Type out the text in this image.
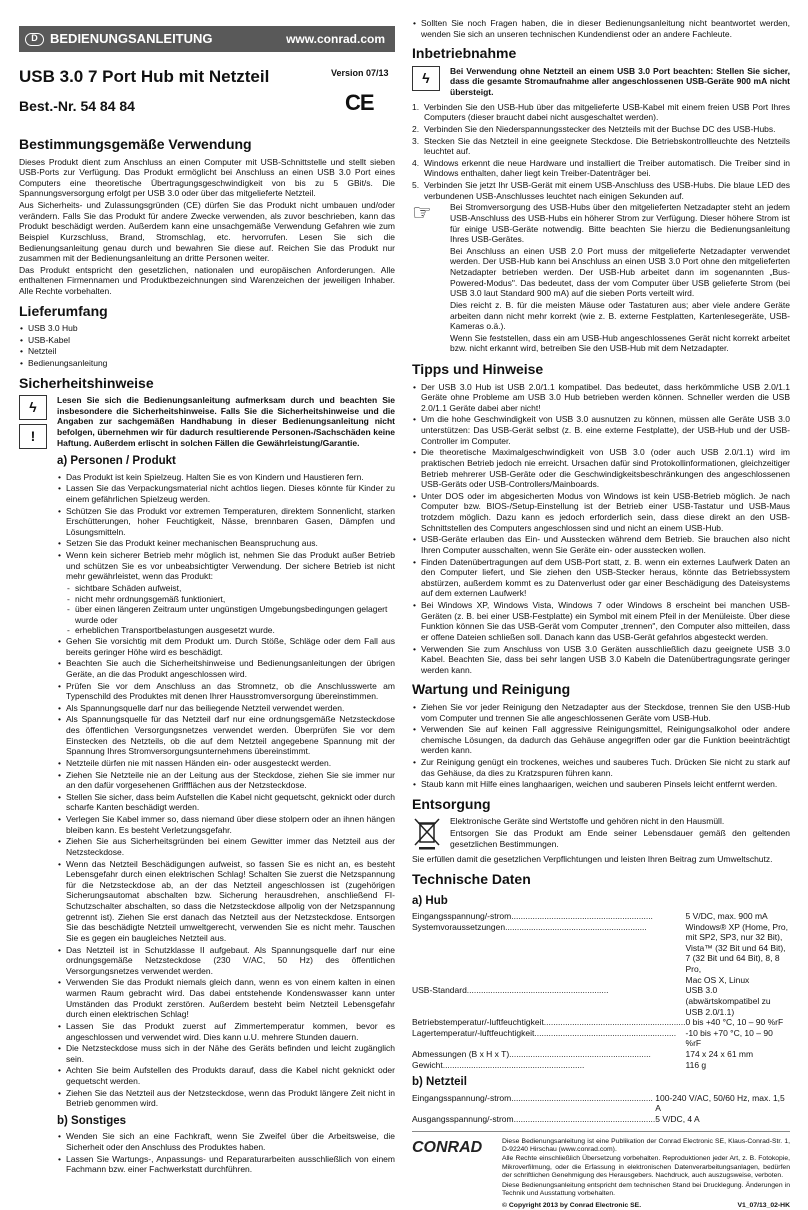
D BEDIENUNGSANLEITUNG	www.conrad.com
USB 3.0 7 Port Hub mit Netzteil	Version 07/13
Best.-Nr. 54 84 84	CE
Bestimmungsgemäße Verwendung

Dieses Produkt dient zum Anschluss an einen Computer mit USB-Schnittstelle und stellt sieben USB-Ports zur Verfügung. Das Produkt ermöglicht bei Anschluss an einen USB 3.0 Port eines Computers eine theoretische Übertragungsgeschwindigkeit von bis zu 5 GBit/s. Die Spannungsversorgung erfolgt per USB 3.0 oder über das mitgelieferte Netzteil.

Aus Sicherheits- und Zulassungsgründen (CE) dürfen Sie das Produkt nicht umbauen und/oder verändern. Falls Sie das Produkt für andere Zwecke verwenden, als zuvor beschrieben, kann das Produkt beschädigt werden. Außerdem kann eine unsachgemäße Verwendung Gefahren wie zum Beispiel Kurzschluss, Brand, Stromschlag, etc. hervorrufen. Lesen Sie sich die Bedienungsanleitung genau durch und bewahren Sie diese auf. Reichen Sie das Produkt nur zusammen mit der Bedienungsanleitung an dritte Personen weiter.

Das Produkt entspricht den gesetzlichen, nationalen und europäischen Anforderungen. Alle enthaltenen Firmennamen und Produktbezeichnungen sind Warenzeichen der jeweiligen Inhaber. Alle Rechte vorbehalten.

Lieferumfang
• USB 3.0 Hub
• USB-Kabel
• Netzteil
• Bedienungsanleitung
Sicherheitshinweise
ϟ
!

Lesen Sie sich die Bedienungsanleitung aufmerksam durch und beachten Sie insbesondere die Sicherheitshinweise. Falls Sie die Sicherheitshinweise und die Angaben zur sachgemäßen Handhabung in dieser Bedienungsanleitung nicht befolgen, übernehmen wir für dadurch resultierende Personen-/Sachschäden keine Haftung. Außerdem erlischt in solchen Fällen die Gewährleistung/Garantie.

a) Personen / Produkt
• Das Produkt ist kein Spielzeug. Halten Sie es von Kindern und Haustieren fern.
• Lassen Sie das Verpackungsmaterial nicht achtlos liegen. Dieses könnte für Kinder zu einem gefährlichen Spielzeug werden.
• Schützen Sie das Produkt vor extremen Temperaturen, direktem Sonnenlicht, starken Erschütterungen, hoher Feuchtigkeit, Nässe, brennbaren Gasen, Dämpfen und Lösungsmitteln.
• Setzen Sie das Produkt keiner mechanischen Beanspruchung aus.
• Wenn kein sicherer Betrieb mehr möglich ist, nehmen Sie das Produkt außer Betrieb und schützen Sie es vor unbeabsichtigter Verwendung. Der sichere Betrieb ist nicht mehr gewährleistet, wenn das Produkt:
- sichtbare Schäden aufweist,
- nicht mehr ordnungsgemäß funktioniert,
- über einen längeren Zeitraum unter ungünstigen Umgebungsbedingungen gelagert wurde oder
- erheblichen Transportbelastungen ausgesetzt wurde.
• Gehen Sie vorsichtig mit dem Produkt um. Durch Stöße, Schläge oder dem Fall aus bereits geringer Höhe wird es beschädigt.
• Beachten Sie auch die Sicherheitshinweise und Bedienungsanleitungen der übrigen Geräte, an die das Produkt angeschlossen wird.
• Prüfen Sie vor dem Anschluss an das Stromnetz, ob die Anschlusswerte am Typenschild des Produktes mit denen Ihrer Hausstromversorgung übereinstimmen.
• Als Spannungsquelle darf nur das beiliegende Netzteil verwendet werden.
• Als Spannungsquelle für das Netzteil darf nur eine ordnungsgemäße Netzsteckdose des öffentlichen Versorgungsnetzes verwendet werden. Überprüfen Sie vor dem Einstecken des Netzteils, ob die auf dem Netzteil angegebene Spannung mit der Spannung Ihres Stromversorgungsunternehmens übereinstimmt.
• Netzteile dürfen nie mit nassen Händen ein- oder ausgesteckt werden.
• Ziehen Sie Netzteile nie an der Leitung aus der Steckdose, ziehen Sie sie immer nur an den dafür vorgesehenen Griffflächen aus der Netzsteckdose.
• Stellen Sie sicher, dass beim Aufstellen die Kabel nicht gequetscht, geknickt oder durch scharfe Kanten beschädigt werden.
• Verlegen Sie Kabel immer so, dass niemand über diese stolpern oder an ihnen hängen bleiben kann. Es besteht Verletzungsgefahr.
• Ziehen Sie aus Sicherheitsgründen bei einem Gewitter immer das Netzteil aus der Netzsteckdose.
• Wenn das Netzteil Beschädigungen aufweist, so fassen Sie es nicht an, es besteht Lebensgefahr durch einen elektrischen Schlag! Schalten Sie zuerst die Netzspannung für die Netzsteckdose ab, an der das Netzteil angeschlossen ist (zugehörigen Sicherungsautomat abschalten bzw. Sicherung herausdrehen, anschließend FI-Schutzschalter abschalten, so dass die Netzsteckdose allpolig von der Netzspannung getrennt ist). Ziehen Sie erst danach das Netzteil aus der Netzsteckdose. Entsorgen Sie das beschädigte Netzteil umweltgerecht, verwenden Sie es nicht mehr. Tauschen Sie es gegen ein baugleiches Netzteil aus.
• Das Netzteil ist in Schutzklasse II aufgebaut. Als Spannungsquelle darf nur eine ordnungsgemäße Netzsteckdose (230 V/AC, 50 Hz) des öffentlichen Versorgungsnetzes verwendet werden.
• Verwenden Sie das Produkt niemals gleich dann, wenn es von einem kalten in einen warmen Raum gebracht wird. Das dabei entstehende Kondenswasser kann unter Umständen das Produkt zerstören. Außerdem besteht beim Netzteil Lebensgefahr durch einen elektrischen Schlag!
• Lassen Sie das Produkt zuerst auf Zimmertemperatur kommen, bevor es angeschlossen und verwendet wird. Dies kann u.U. mehrere Stunden dauern.
• Die Netzsteckdose muss sich in der Nähe des Geräts befinden und leicht zugänglich sein.
• Achten Sie beim Aufstellen des Produkts darauf, dass die Kabel nicht geknickt oder gequetscht werden.
• Ziehen Sie das Netzteil aus der Netzsteckdose, wenn das Produkt längere Zeit nicht in Betrieb genommen wird.
b) Sonstiges
• Wenden Sie sich an eine Fachkraft, wenn Sie Zweifel über die Arbeitsweise, die Sicherheit oder den Anschluss des Produktes haben.
• Lassen Sie Wartungs-, Anpassungs- und Reparaturarbeiten ausschließlich von einem Fachmann bzw. einer Fachwerkstatt durchführen.
• Sollten Sie noch Fragen haben, die in dieser Bedienungsanleitung nicht beantwortet werden, wenden Sie sich an unseren technischen Kundendienst oder an andere Fachleute.
Inbetriebnahme
ϟ	Bei Verwendung ohne Netzteil an einem USB 3.0 Port beachten: Stellen Sie sicher, dass die gesamte Stromaufnahme aller angeschlossenen USB-Geräte 900 mA nicht übersteigt.

1. Verbinden Sie den USB-Hub über das mitgelieferte USB-Kabel mit einem freien USB Port Ihres Computers (dieser braucht dabei nicht ausgeschaltet werden).
2. Verbinden Sie den Niederspannungsstecker des Netzteils mit der Buchse DC des USB-Hubs.
3. Stecken Sie das Netzteil in eine geeignete Steckdose. Die Betriebskontrollleuchte des Netzteils leuchtet auf.
4. Windows erkennt die neue Hardware und installiert die Treiber automatisch. Die Treiber sind in Windows enthalten, daher liegt kein Treiber-Datenträger bei.
5. Verbinden Sie jetzt Ihr USB-Gerät mit einem USB-Anschluss des USB-Hubs. Die blaue LED des verbundenen USB-Anschlusses leuchtet nach einigen Sekunden auf.
☞	Bei Stromversorgung des USB-Hubs über den mitgelieferten Netzadapter steht an jedem USB-Anschluss des USB-Hubs ein höherer Strom zur Verfügung. Dieser höhere Strom ist für einige USB-Geräte notwendig. Bitte beachten Sie hierzu die Bedienungsanleitung Ihres USB-Gerätes.

Bei Anschluss an einen USB 2.0 Port muss der mitgelieferte Netzadapter verwendet werden. Der USB-Hub kann bei Anschluss an einen USB 3.0 Port ohne den mitgelieferten Netzadapter betrieben werden. Der USB-Hub arbeitet dann im sogenannten „Bus-Powered-Modus". Das bedeutet, dass der vom Computer über USB gelieferte Strom (bei USB 3.0 laut Standard 900 mA) auf die sieben Ports verteilt wird.

Dies reicht z. B. für die meisten Mäuse oder Tastaturen aus; aber viele andere Geräte arbeiten dann nicht mehr korrekt (wie z. B. externe Festplatten, Kartenlesegeräte, USB-Kameras o.ä.).

Wenn Sie feststellen, dass ein am USB-Hub angeschlossenes Gerät nicht korrekt arbeitet bzw. nicht erkannt wird, betreiben Sie den USB-Hub mit dem Netzadapter.

Tipps und Hinweise
• Der USB 3.0 Hub ist USB 2.0/1.1 kompatibel. Das bedeutet, dass herkömmliche USB 2.0/1.1 Geräte ohne Probleme am USB 3.0 Hub betrieben werden können. Schneller werden die USB 2.0/1.1 Geräte dabei aber nicht!
• Um die hohe Geschwindigkeit von USB 3.0 ausnutzen zu können, müssen alle Geräte USB 3.0 unterstützen: Das USB-Gerät selbst (z. B. eine externe Festplatte), der USB-Hub und der USB-Controller im Computer.
• Die theoretische Maximalgeschwindigkeit von USB 3.0 (oder auch USB 2.0/1.1) wird im praktischen Betrieb jedoch nie erreicht. Ursachen dafür sind Protokollinformationen, gleichzeitiger Betrieb mehrerer USB-Geräte oder die Geschwindigkeitsbeschränkungen des angeschlossenen USB-Geräts oder USB-Controllers/Mainboards.
• Unter DOS oder im abgesicherten Modus von Windows ist kein USB-Betrieb möglich. Je nach Computer bzw. BIOS-/Setup-Einstellung ist der Betrieb einer USB-Tastatur und USB-Maus trotzdem möglich. Dazu kann es jedoch erforderlich sein, dass diese direkt an den USB-Schnittstellen des Computers angeschlossen sind und nicht an einem USB-Hub.
• USB-Geräte erlauben das Ein- und Ausstecken während dem Betrieb. Sie brauchen also nicht Ihren Computer ausschalten, wenn Sie Geräte ein- oder ausstecken wollen.
• Finden Datenübertragungen auf dem USB-Port statt, z. B. wenn ein externes Laufwerk Daten an den Computer liefert, und Sie ziehen den USB-Stecker heraus, könnte das Betriebssystem abstürzen, außerdem kommt es zu Datenverlust oder gar einer Beschädigung des Dateisystems auf dem externen Laufwerk!
• Bei Windows XP, Windows Vista, Windows 7 oder Windows 8 erscheint bei manchen USB-Geräten (z. B. bei einer USB-Festplatte) ein Symbol mit einem Pfeil in der Menüleiste. Über diese Funktion können Sie das USB-Gerät vom Computer „trennen", den Computer also mitteilen, dass er offene Dateien schließen soll. Danach kann das USB-Gerät gefahrlos abgesteckt werden.
• Verwenden Sie zum Anschluss von USB 3.0 Geräten ausschließlich dazu geeignete USB 3.0 Kabel. Beachten Sie, dass bei sehr langen USB 3.0 Kabeln die Datenübertragungsrate geringer werden kann.
Wartung und Reinigung
• Ziehen Sie vor jeder Reinigung den Netzadapter aus der Steckdose, trennen Sie den USB-Hub vom Computer und trennen Sie alle angeschlossenen Geräte vom USB-Hub.
• Verwenden Sie auf keinen Fall aggressive Reinigungsmittel, Reinigungsalkohol oder andere chemische Lösungen, da dadurch das Gehäuse angegriffen oder gar die Funktion beeinträchtigt werden kann.
• Zur Reinigung genügt ein trockenes, weiches und sauberes Tuch. Drücken Sie nicht zu stark auf das Gehäuse, da dies zu Kratzspuren führen kann.
• Staub kann mit Hilfe eines langhaarigen, weichen und sauberen Pinsels leicht entfernt werden.
Entsorgung

Elektronische Geräte sind Wertstoffe und gehören nicht in den Hausmüll.

Entsorgen Sie das Produkt am Ende seiner Lebensdauer gemäß den geltenden gesetzlichen Bestimmungen.

Sie erfüllen damit die gesetzlichen Verpflichtungen und leisten Ihren Beitrag zum Umweltschutz.

Technische Daten
a) Hub
Eingangsspannung/-strom............................................................	5 V/DC, max. 900 mA
Systemvoraussetzungen............................................................	Windows® XP (Home, Pro, mit SP2, SP3, nur 32 Bit),
	Vista™ (32 Bit und 64 Bit), 7 (32 Bit und 64 Bit), 8, 8 Pro,
	Mac OS X, Linux
USB-Standard............................................................	USB 3.0 (abwärtskompatibel zu USB 2.0/1.1)
Betriebstemperatur/-luftfeuchtigkeit............................................................	0 bis +40 °C, 10 – 90 %rF
Lagertemperatur/-luftfeuchtigkeit............................................................	-10 bis +70 °C, 10 – 90 %rF
Abmessungen (B x H x T)............................................................	174 x 24 x 61 mm
Gewicht............................................................	116 g
b) Netzteil
Eingangsspannung/-strom............................................................	100-240 V/AC, 50/60 Hz, max. 1,5 A
Ausgangsspannung/-strom............................................................	5 V/DC, 4 A
CONRAD	Diese Bedienungsanleitung ist eine Publikation der Conrad Electronic SE, Klaus-Conrad-Str. 1, D-92240 Hirschau (www.conrad.com).

Alle Rechte einschließlich Übersetzung vorbehalten. Reproduktionen jeder Art, z. B. Fotokopie, Mikroverfilmung, oder die Erfassung in elektronischen Datenverarbeitungsanlagen, bedürfen der schriftlichen Genehmigung des Herausgebers. Nachdruck, auch auszugsweise, verboten.

Diese Bedienungsanleitung entspricht dem technischen Stand bei Drucklegung. Änderungen in Technik und Ausstattung vorbehalten.

© Copyright 2013 by Conrad Electronic SE.	V1_07/13_02-HK
